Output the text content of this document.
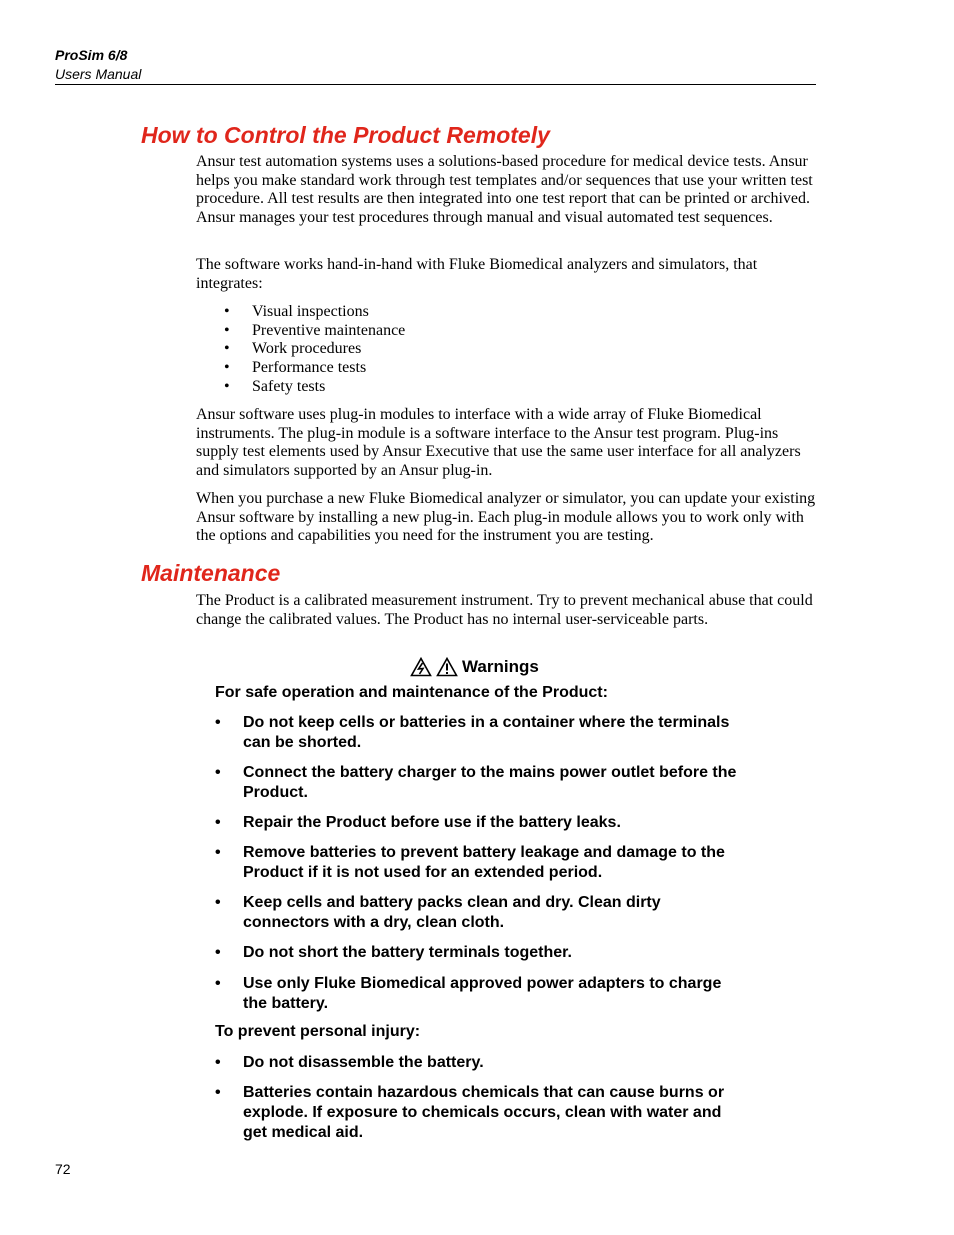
ProSim 6/8
Users Manual
How to Control the Product Remotely

Ansur test automation systems uses a solutions-based procedure for medical device tests. Ansur helps you make standard work through test templates and/or sequences that use your written test procedure. All test results are then integrated into one test report that can be printed or archived. Ansur manages your test procedures through manual and visual automated test sequences.

The software works hand-in-hand with Fluke Biomedical analyzers and simulators, that integrates:

• Visual inspections
• Preventive maintenance
• Work procedures
• Performance tests
• Safety tests

Ansur software uses plug-in modules to interface with a wide array of Fluke Biomedical instruments. The plug-in module is a software interface to the Ansur test program. Plug-ins supply test elements used by Ansur Executive that use the same user interface for all analyzers and simulators supported by an Ansur plug-in.

When you purchase a new Fluke Biomedical analyzer or simulator, you can update your existing Ansur software by installing a new plug-in. Each plug-in module allows you to work only with the options and capabilities you need for the instrument you are testing.

Maintenance

The Product is a calibrated measurement instrument. Try to prevent mechanical abuse that could change the calibrated values. The Product has no internal user-serviceable parts.

Warnings

For safe operation and maintenance of the Product:

• Do not keep cells or batteries in a container where the terminals can be shorted.
• Connect the battery charger to the mains power outlet before the Product.
• Repair the Product before use if the battery leaks.
• Remove batteries to prevent battery leakage and damage to the Product if it is not used for an extended period.
• Keep cells and battery packs clean and dry. Clean dirty connectors with a dry, clean cloth.
• Do not short the battery terminals together.
• Use only Fluke Biomedical approved power adapters to charge the battery.

To prevent personal injury:

• Do not disassemble the battery.
• Batteries contain hazardous chemicals that can cause burns or explode. If exposure to chemicals occurs, clean with water and get medical aid.
72
